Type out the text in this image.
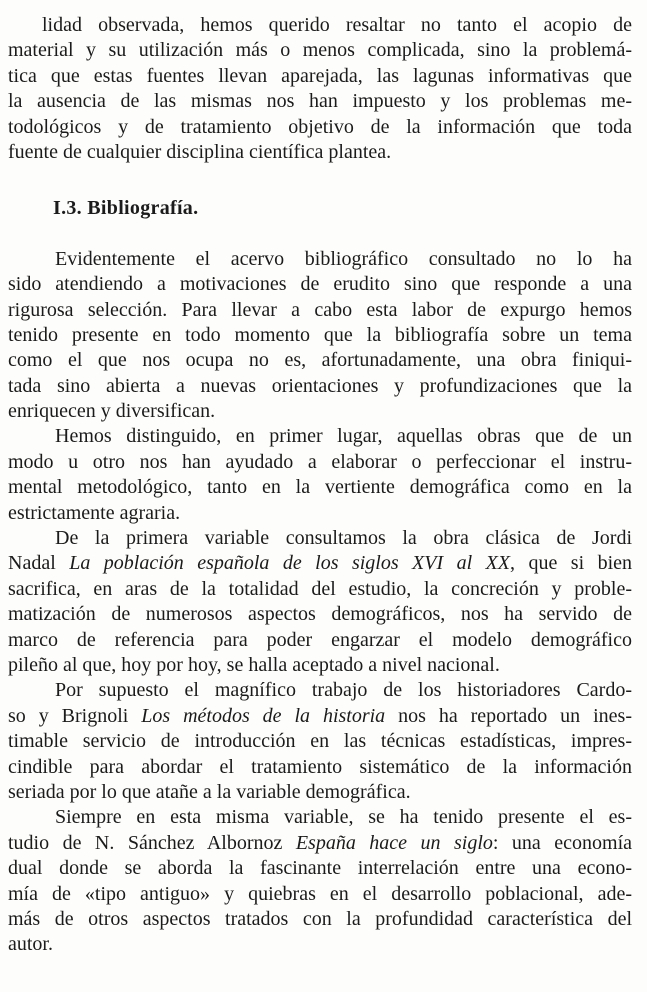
lidad observada, hemos querido resaltar no tanto el acopio de
material y su utilización más o menos complicada, sino la problemá-
tica que estas fuentes llevan aparejada, las lagunas informativas que
la ausencia de las mismas nos han impuesto y los problemas me-
todológicos y de tratamiento objetivo de la información que toda
fuente de cualquier disciplina científica plantea.
I.3. Bibliografía.
Evidentemente el acervo bibliográfico consultado no lo ha
sido atendiendo a motivaciones de erudito sino que responde a una
rigurosa selección. Para llevar a cabo esta labor de expurgo hemos
tenido presente en todo momento que la bibliografía sobre un tema
como el que nos ocupa no es, afortunadamente, una obra finiqui-
tada sino abierta a nuevas orientaciones y profundizaciones que la
enriquecen y diversifican.
Hemos distinguido, en primer lugar, aquellas obras que de un
modo u otro nos han ayudado a elaborar o perfeccionar el instru-
mental metodológico, tanto en la vertiente demográfica como en la
estrictamente agraria.
De la primera variable consultamos la obra clásica de Jordi
Nadal La población española de los siglos XVI al XX, que si bien
sacrifica, en aras de la totalidad del estudio, la concreción y proble-
matización de numerosos aspectos demográficos, nos ha servido de
marco de referencia para poder engarzar el modelo demográfico
pileño al que, hoy por hoy, se halla aceptado a nivel nacional.
Por supuesto el magnífico trabajo de los historiadores Cardo-
so y Brignoli Los métodos de la historia nos ha reportado un ines-
timable servicio de introducción en las técnicas estadísticas, impres-
cindible para abordar el tratamiento sistemático de la información
seriada por lo que atañe a la variable demográfica.
Siempre en esta misma variable, se ha tenido presente el es-
tudio de N. Sánchez Albornoz España hace un siglo: una economía
dual donde se aborda la fascinante interrelación entre una econo-
mía de «tipo antiguo» y quiebras en el desarrollo poblacional, ade-
más de otros aspectos tratados con la profundidad característica del
autor.
